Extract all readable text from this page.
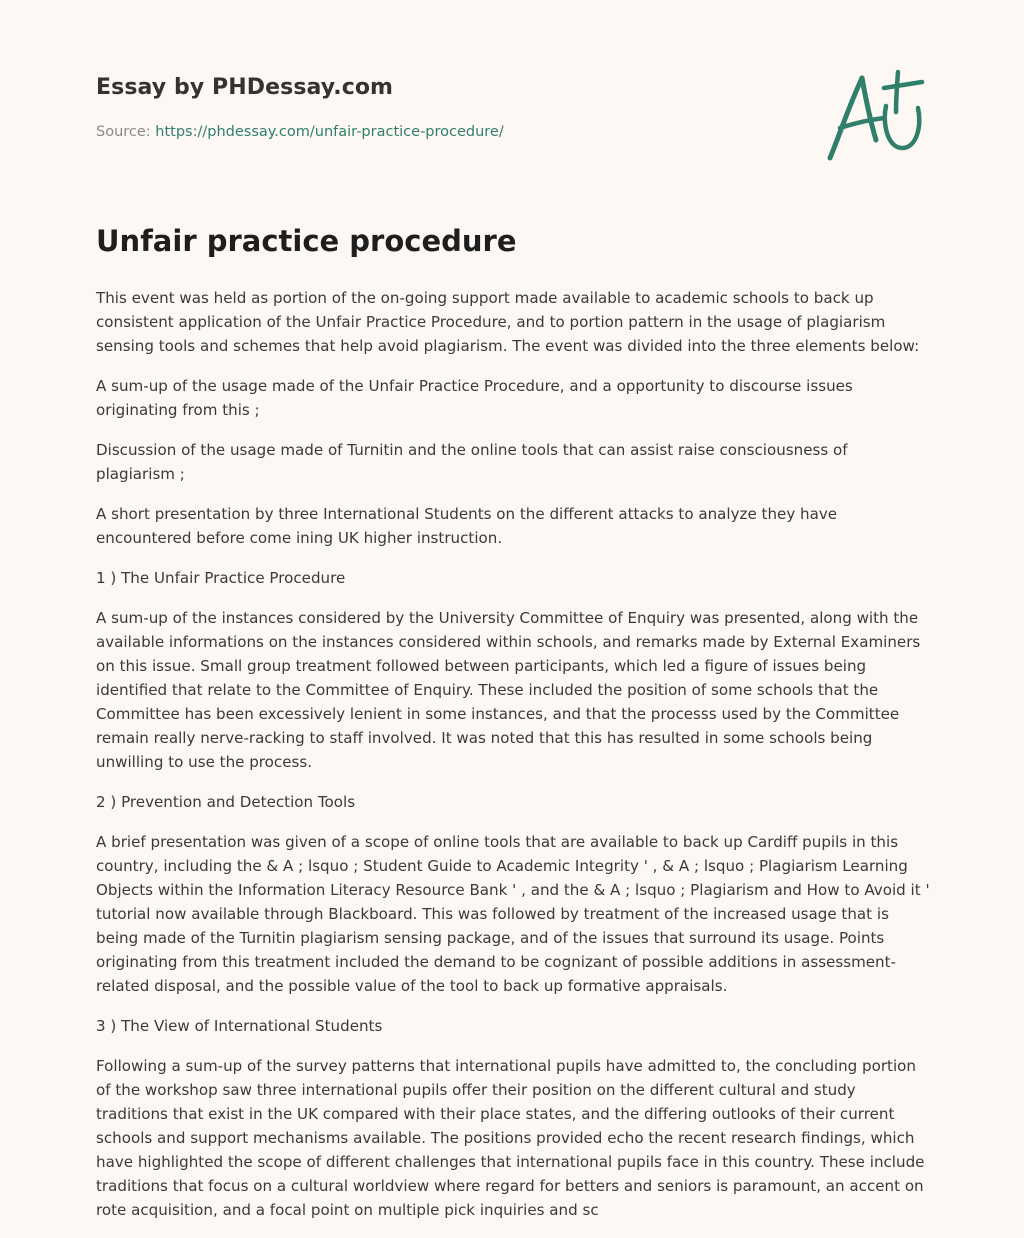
Essay by PHDessay.com

Source: https://phdessay.com/unfair-practice-procedure/

Unfair practice procedure

This event was held as portion of the on-going support made available to academic schools to back up consistent application of the Unfair Practice Procedure, and to portion pattern in the usage of plagiarism sensing tools and schemes that help avoid plagiarism. The event was divided into the three elements below:

A sum-up of the usage made of the Unfair Practice Procedure, and a opportunity to discourse issues originating from this ;

Discussion of the usage made of Turnitin and the online tools that can assist raise consciousness of plagiarism ;

A short presentation by three International Students on the different attacks to analyze they have encountered before come ining UK higher instruction.

1 ) The Unfair Practice Procedure

A sum-up of the instances considered by the University Committee of Enquiry was presented, along with the available informations on the instances considered within schools, and remarks made by External Examiners on this issue. Small group treatment followed between participants, which led a figure of issues being identified that relate to the Committee of Enquiry. These included the position of some schools that the Committee has been excessively lenient in some instances, and that the processs used by the Committee remain really nerve-racking to staff involved. It was noted that this has resulted in some schools being unwilling to use the process.

2 ) Prevention and Detection Tools

A brief presentation was given of a scope of online tools that are available to back up Cardiff pupils in this country, including the & A ; lsquo ; Student Guide to Academic Integrity ' , & A ; lsquo ; Plagiarism Learning Objects within the Information Literacy Resource Bank ' , and the & A ; lsquo ; Plagiarism and How to Avoid it ' tutorial now available through Blackboard. This was followed by treatment of the increased usage that is being made of the Turnitin plagiarism sensing package, and of the issues that surround its usage. Points originating from this treatment included the demand to be cognizant of possible additions in assessment-related disposal, and the possible value of the tool to back up formative appraisals.

3 ) The View of International Students

Following a sum-up of the survey patterns that international pupils have admitted to, the concluding portion of the workshop saw three international pupils offer their position on the different cultural and study traditions that exist in the UK compared with their place states, and the differing outlooks of their current schools and support mechanisms available. The positions provided echo the recent research findings, which have highlighted the scope of different challenges that international pupils face in this country. These include traditions that focus on a cultural worldview where regard for betters and seniors is paramount, an accent on rote acquisition, and a focal point on multiple pick inquiries and sc
